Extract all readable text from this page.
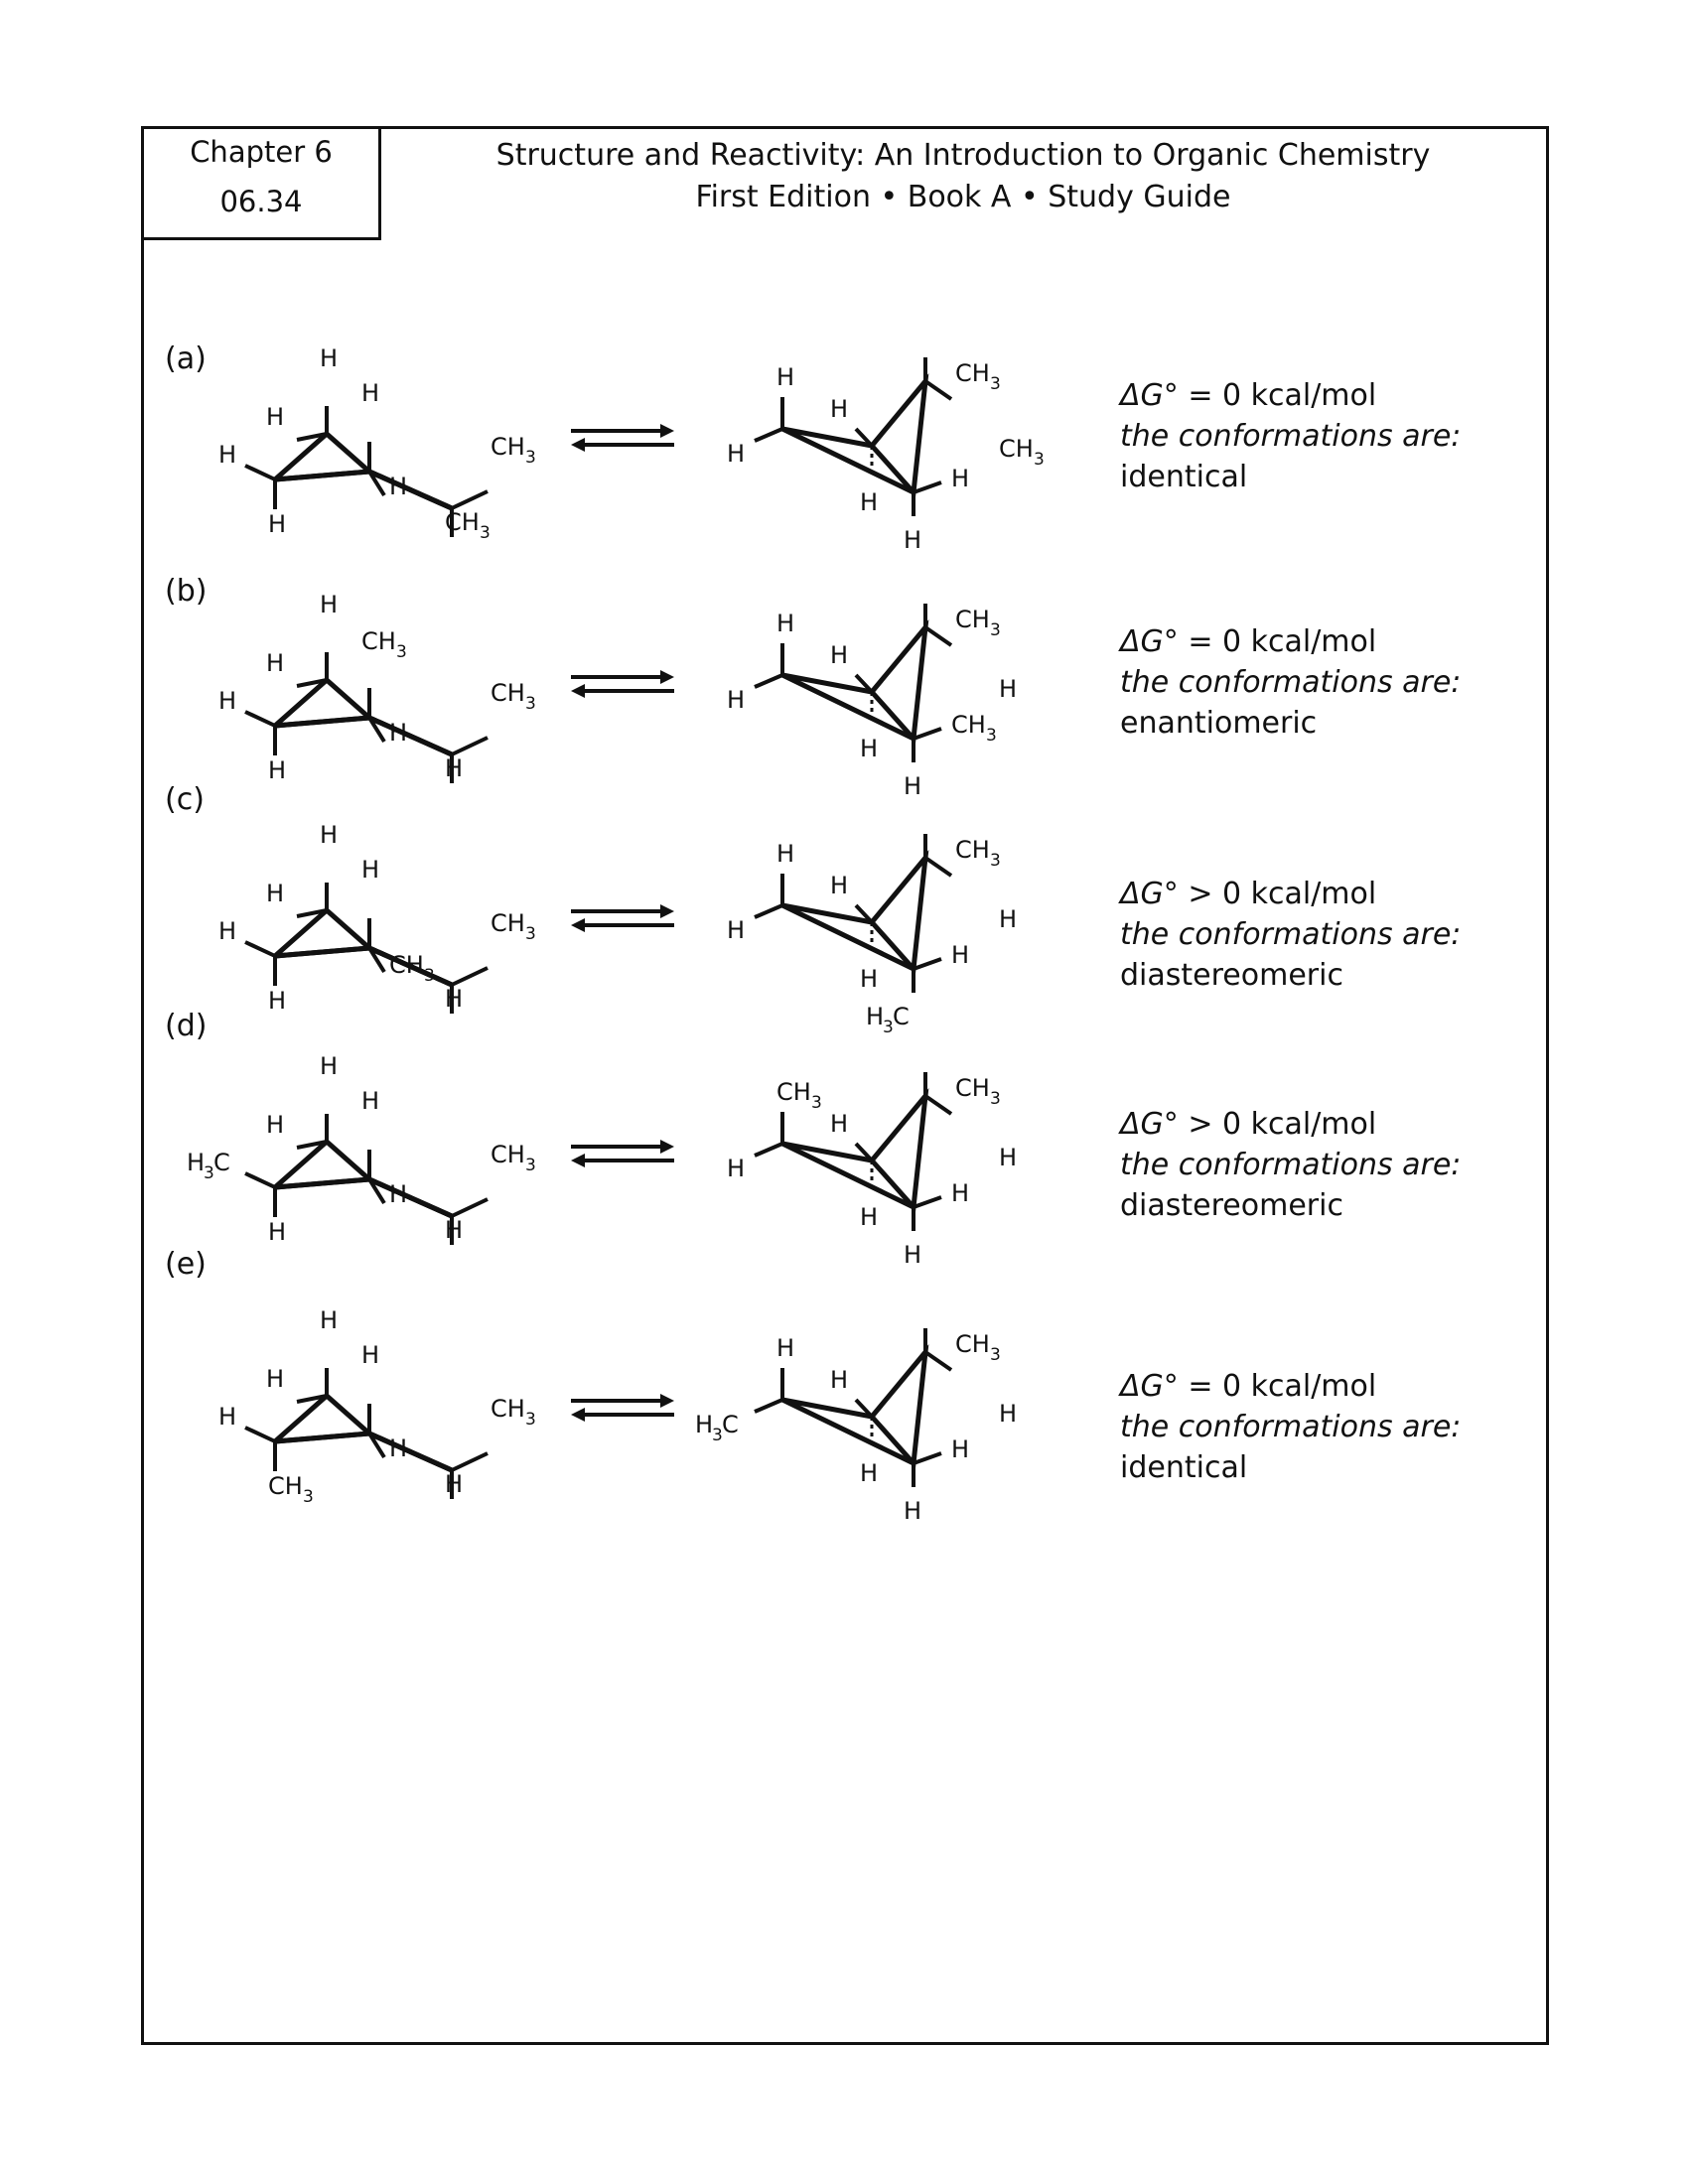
Chapter 6
06.34
Structure and Reactivity: An Introduction to Organic Chemistry
First Edition • Book A • Study Guide
(a)
(b)
(c)
(d)
(e)
H
H
H
H
H
H
CH 3
CH 3
H
H
H
CH 3
CH 3
H
H
H
H
H
CH 3
H
H
H
CH 3
H
H
H
H
CH 3
H
H
CH 3
H
H
H
H
H
CH 3
H
CH 3
H
H
H
H
CH 3
H
H
H
H
3 C
H
H
H
H
3 C
H
H
CH 3
H
CH 3
H
H
CH 3
H
H
H
H
H
H
H
H
H
CH 3
CH 3
H
H
H
H
3 C
CH 3
H
H
H
H
ΔG° = 0 kcal/mol
the conformations are:
identical
ΔG° = 0 kcal/mol
the conformations are:
enantiomeric
ΔG° > 0 kcal/mol
the conformations are:
diastereomeric
ΔG° > 0 kcal/mol
the conformations are:
diastereomeric
ΔG° = 0 kcal/mol
the conformations are:
identical
